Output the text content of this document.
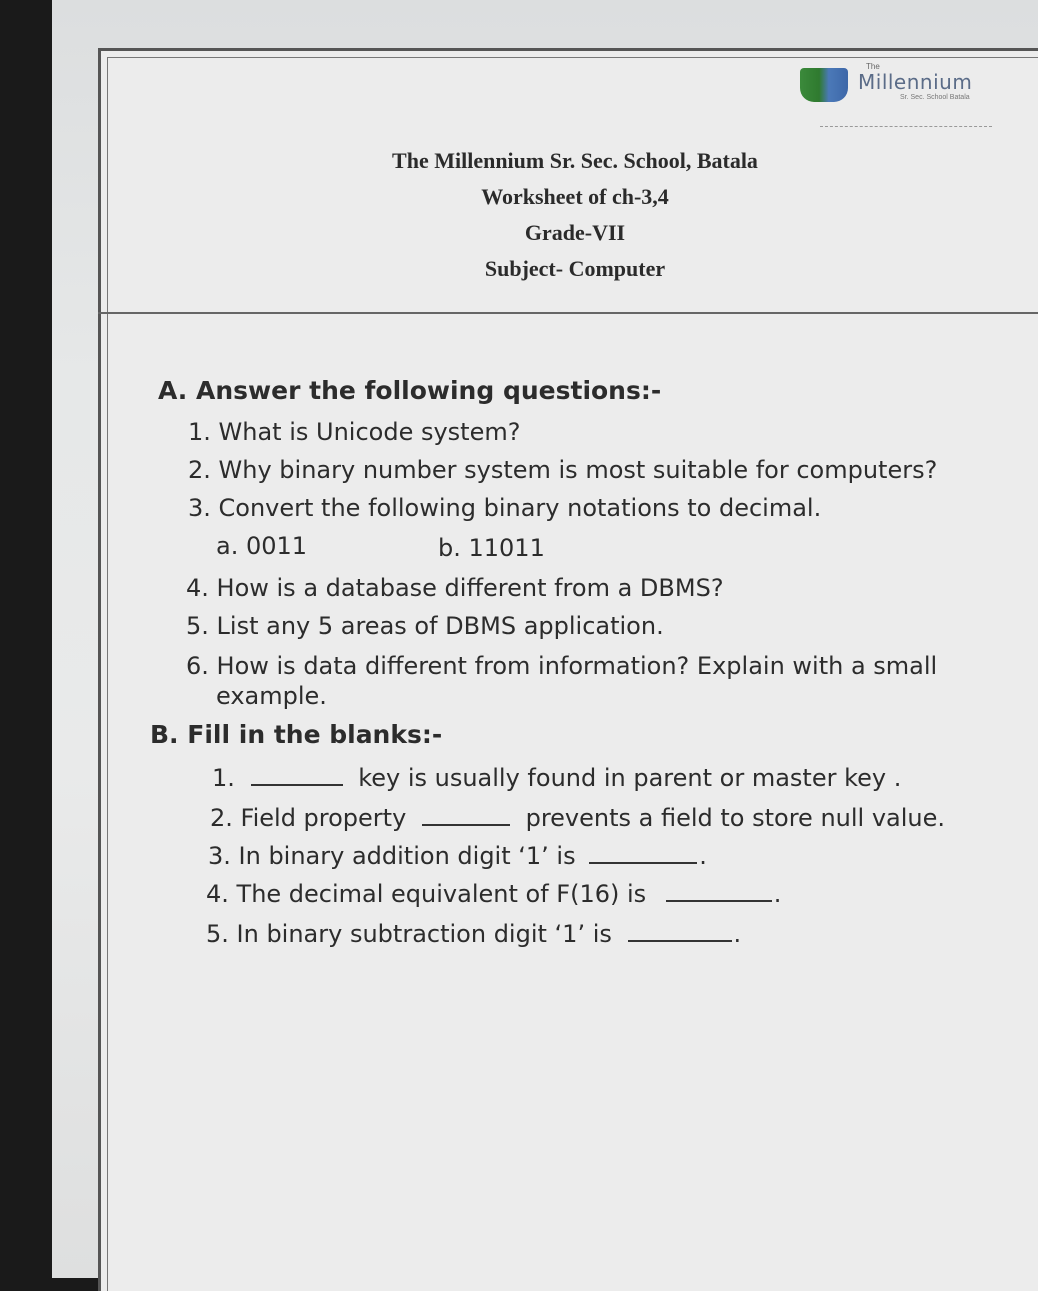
The
Millennium
Sr. Sec. School Batala
The Millennium Sr. Sec. School, Batala
Worksheet of ch-3,4
Grade-VII
Subject- Computer
A. Answer the following questions:-
1. What is Unicode system?
2. Why binary number system is most suitable for computers?
3. Convert the following binary notations to decimal.
a. 0011	b. 11011
4. How is a database different from a DBMS?
5. List any 5 areas of DBMS application.
6. How is data different from information? Explain with a small
example.
B. Fill in the blanks:-
1.	key is usually found in parent or master key .
2. Field property	prevents a field to store null value.
3. In binary addition digit ‘1’ is	.
4. The decimal equivalent of F(16) is	.
5. In binary subtraction digit ‘1’ is	.
